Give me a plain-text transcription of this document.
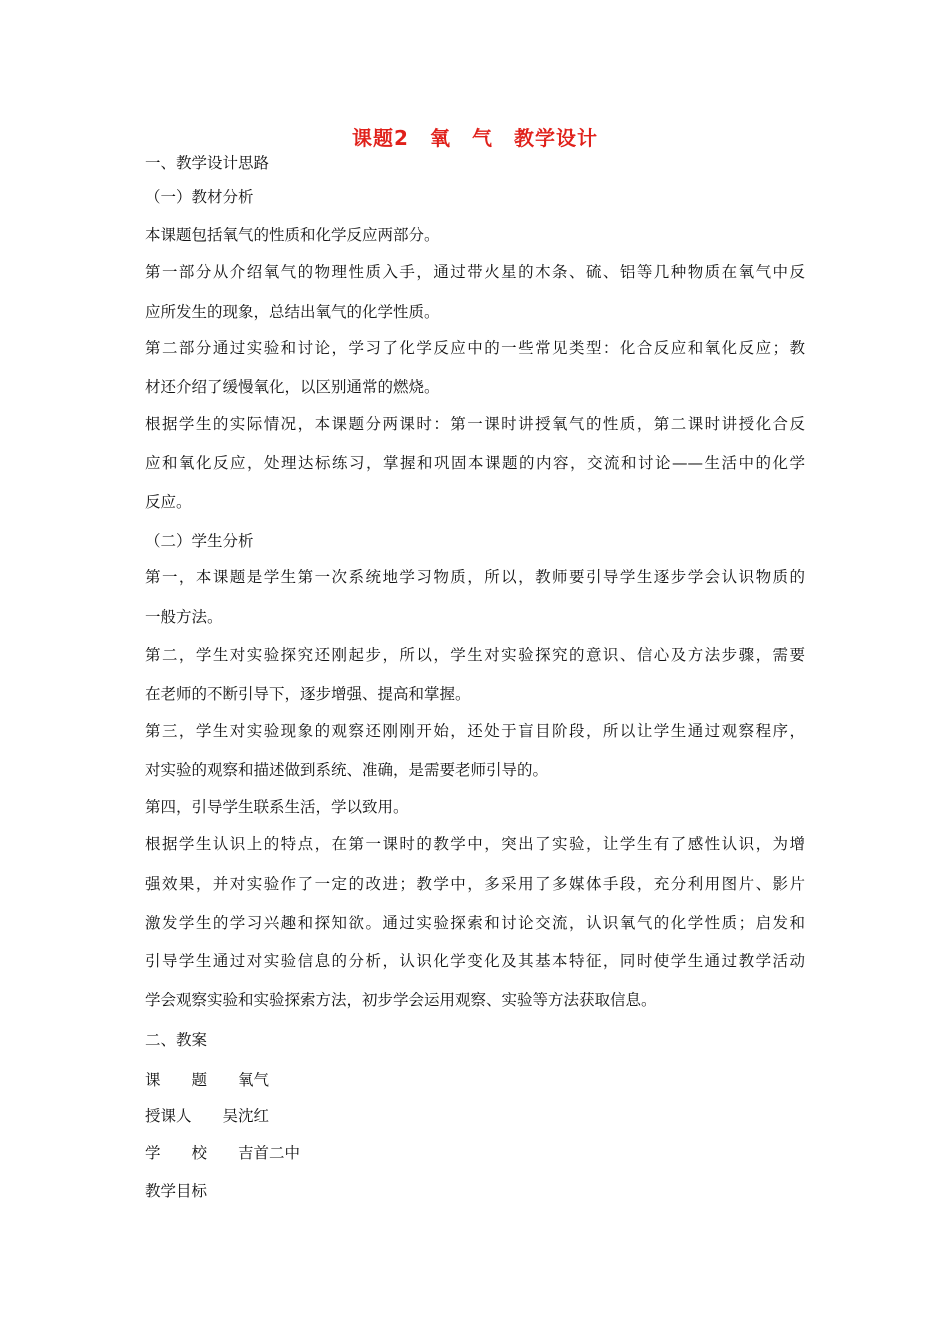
课题2　氧　气　教学设计
一、教学设计思路
（一）教材分析
本课题包括氧气的性质和化学反应两部分。
第一部分从介绍氧气的物理性质入手，通过带火星的木条、硫、铝等几种物质在氧气中反
应所发生的现象，总结出氧气的化学性质。
第二部分通过实验和讨论，学习了化学反应中的一些常见类型：化合反应和氧化反应；教
材还介绍了缓慢氧化，以区别通常的燃烧。
根据学生的实际情况，本课题分两课时：第一课时讲授氧气的性质，第二课时讲授化合反
应和氧化反应，处理达标练习，掌握和巩固本课题的内容，交流和讨论——生活中的化学
反应。
（二）学生分析
第一，本课题是学生第一次系统地学习物质，所以，教师要引导学生逐步学会认识物质的
一般方法。
第二，学生对实验探究还刚起步，所以，学生对实验探究的意识、信心及方法步骤，需要
在老师的不断引导下，逐步增强、提高和掌握。
第三，学生对实验现象的观察还刚刚开始，还处于盲目阶段，所以让学生通过观察程序，
对实验的观察和描述做到系统、准确，是需要老师引导的。
第四，引导学生联系生活，学以致用。
根据学生认识上的特点，在第一课时的教学中，突出了实验，让学生有了感性认识，为增
强效果，并对实验作了一定的改进；教学中，多采用了多媒体手段，充分利用图片、影片
激发学生的学习兴趣和探知欲。通过实验探索和讨论交流，认识氧气的化学性质；启发和
引导学生通过对实验信息的分析，认识化学变化及其基本特征，同时使学生通过教学活动
学会观察实验和实验探索方法，初步学会运用观察、实验等方法获取信息。
二、教案
课　　题　　氧气
授课人　　吴沈红
学　　校　　吉首二中
教学目标
